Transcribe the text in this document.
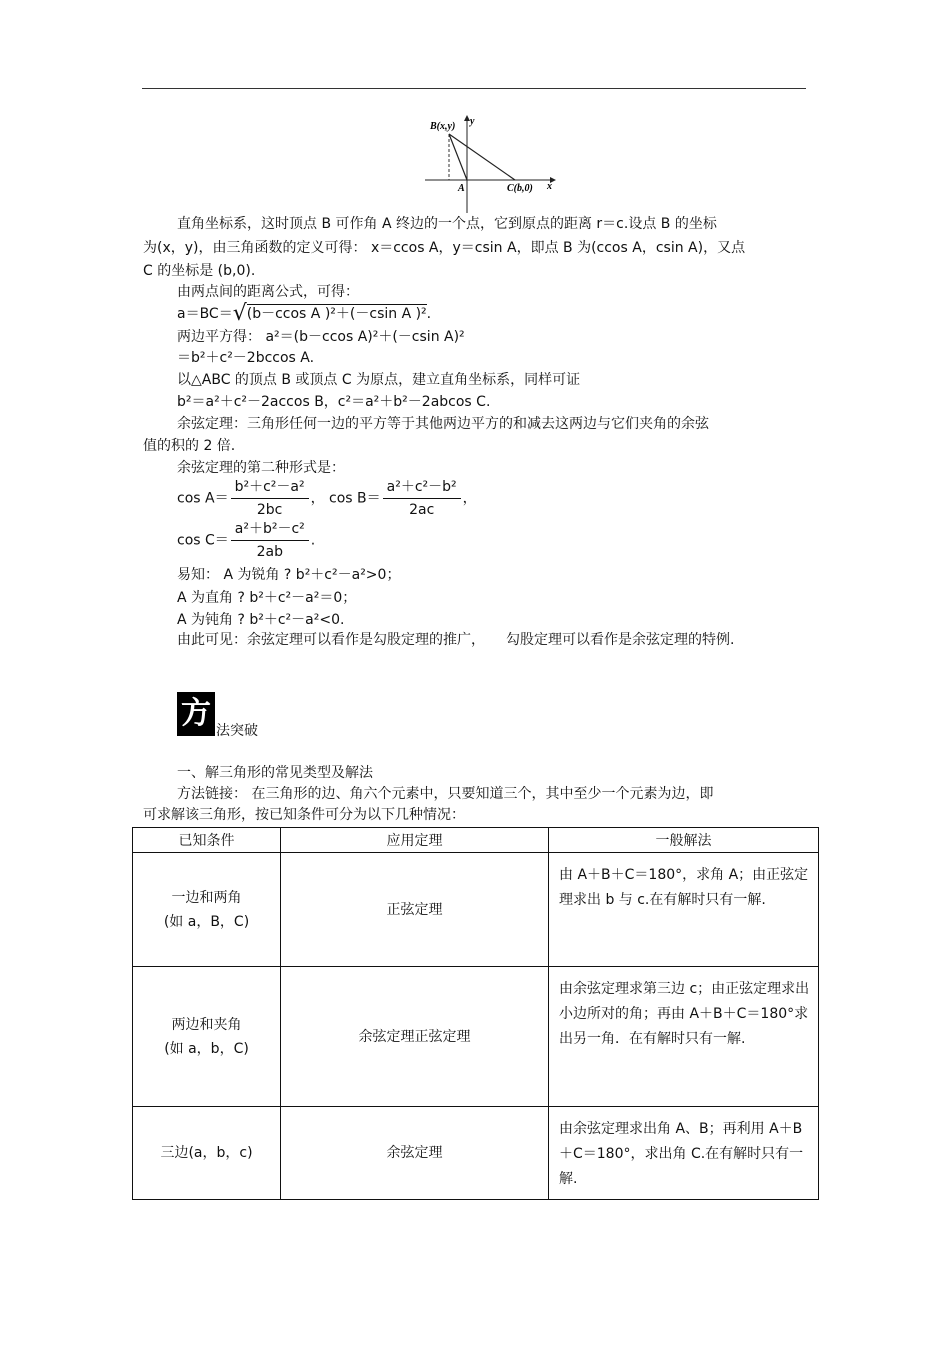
B(x,y) y
A	C(b,0) x
直角坐标系，这时顶点 B 可作角 A 终边的一个点，它到原点的距离 r＝c.设点 B 的坐标
为(x，y)，由三角函数的定义可得： x＝ccos A，y＝csin A，即点 B 为(ccos A，csin A)，又点
C 的坐标是 (b,0).
由两点间的距离公式，可得：
a＝BC＝√(b－ccos A )²＋(－csin A )².
两边平方得： a²＝(b－ccos A)²＋(－csin A)²
＝b²＋c²－2bccos A.
以△ABC 的顶点 B 或顶点 C 为原点，建立直角坐标系，同样可证
b²＝a²＋c²－2accos B，c²＝a²＋b²－2abcos C.
余弦定理：三角形任何一边的平方等于其他两边平方的和减去这两边与它们夹角的余弦
值的积的 2 倍.
余弦定理的第二种形式是：
$\cos A= \frac{\text{b²＋c²－a²}}{2bc}$ ， $\cos B= \frac{\text{a²＋c²－b²}}{2ac}$ ，
$\cos C= \frac{\text{a²＋b²－c²}}{2ab}$ .
易知： A 为锐角 ? b²＋c²－a²>0；
A 为直角 ? b²＋c²－a²＝0；
A 为钝角 ? b²＋c²－a²<0.
由此可见：余弦定理可以看作是勾股定理的推广，　　勾股定理可以看作是余弦定理的特例.
方 法突破
一、解三角形的常见类型及解法
方法链接： 在三角形的边、角六个元素中，只要知道三个，其中至少一个元素为边，即
可求解该三角形，按已知条件可分为以下几种情况：
已知条件	应用定理	一般解法

一边和两角
(如 a，B，C)	正弦定理	由 A＋B＋C＝180°，求角 A；由正弦定理求出 b 与 c.在有解时只有一解.

两边和夹角
(如 a，b，C)	余弦定理正弦定理	由余弦定理求第三边 c；由正弦定理求出小边所对的角；再由 A＋B＋C＝180°求出另一角．在有解时只有一解.

三边(a，b，c)	余弦定理	由余弦定理求出角 A、B；再利用 A＋B＋C＝180°，求出角 C.在有解时只有一解.
